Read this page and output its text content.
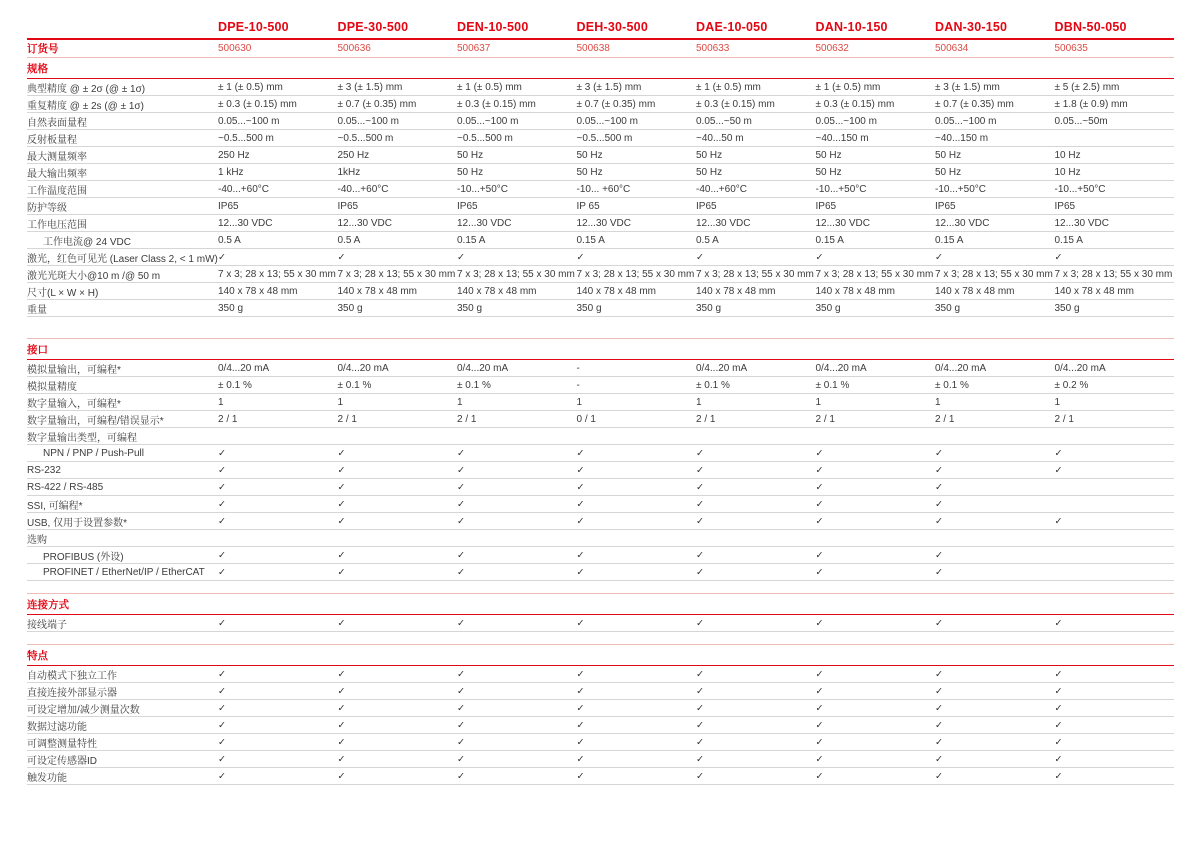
DPE-10-500	DPE-30-500	DEN-10-500	DEH-30-500	DAE-10-050	DAN-10-150	DAN-30-150	DBN-50-050
订货号	500630	500636	500637	500638	500633	500632	500634	500635
规格
典型精度 @ ± 2σ (@ ± 1σ)	± 1 (± 0.5) mm	± 3 (± 1.5) mm	± 1 (± 0.5) mm	± 3 (± 1.5) mm	± 1 (± 0.5) mm	± 1 (± 0.5) mm	± 3 (± 1.5) mm	± 5 (± 2.5) mm
重复精度 @ ± 2s (@ ± 1σ)	± 0.3 (± 0.15) mm	± 0.7 (± 0.35) mm	± 0.3 (± 0.15) mm	± 0.7 (± 0.35) mm	± 0.3 (± 0.15) mm	± 0.3 (± 0.15) mm	± 0.7 (± 0.35) mm	± 1.8 (± 0.9) mm
自然表面量程	0.05...~100 m	0.05...~100 m	0.05...~100 m	0.05...~100 m	0.05...~50 m	0.05...~100 m	0.05...~100 m	0.05...~50m
反射板量程	~0.5...500 m	~0.5...500 m	~0.5...500 m	~0.5...500 m	~40...50 m	~40...150 m	~40...150 m
最大测量频率	250 Hz	250 Hz	50 Hz	50 Hz	50 Hz	50 Hz	50 Hz	10 Hz
最大输出频率	1 kHz	1kHz	50 Hz	50 Hz	50 Hz	50 Hz	50 Hz	10 Hz
工作温度范围	-40...+60°C	-40...+60°C	-10...+50°C	-10... +60°C	-40...+60°C	-10...+50°C	-10...+50°C	-10...+50°C
防护等级	IP65	IP65	IP65	IP 65	IP65	IP65	IP65	IP65
工作电压范围	12...30 VDC	12...30 VDC	12...30 VDC	12...30 VDC	12...30 VDC	12...30 VDC	12...30 VDC	12...30 VDC
工作电流@ 24 VDC	0.5 A	0.5 A	0.15 A	0.15 A	0.5 A	0.15 A	0.15 A	0.15 A
激光，红色可见光 (Laser Class 2, < 1 mW) ✓	✓	✓	✓	✓	✓	✓	✓
激光光斑大小@10 m /@ 50 m	7 x 3; 28 x 13; 55 x 30 mm 7 x 3; 28 x 13; 55 x 30 mm 7 x 3; 28 x 13; 55 x 30 mm 7 x 3; 28 x 13; 55 x 30 mm 7 x 3; 28 x 13; 55 x 30 mm 7 x 3; 28 x 13; 55 x 30 mm 7 x 3; 28 x 13; 55 x 30 mm 7 x 3; 28 x 13; 55 x 30 mm
尺寸(L × W × H)	140 x 78 x 48 mm	140 x 78 x 48 mm	140 x 78 x 48 mm	140 x 78 x 48 mm	140 x 78 x 48 mm	140 x 78 x 48 mm	140 x 78 x 48 mm	140 x 78 x 48 mm
重量	350 g	350 g	350 g	350 g	350 g	350 g	350 g	350 g
接口
模拟量输出，可编程*	0/4...20 mA	0/4...20 mA	0/4...20 mA	-	0/4...20 mA	0/4...20 mA	0/4...20 mA	0/4...20 mA
模拟量精度	± 0.1 %	± 0.1 %	± 0.1 %	-	± 0.1 %	± 0.1 %	± 0.1 %	± 0.2 %
数字量输入，可编程*	1	1	1	1	1	1	1	1
数字量输出，可编程/错误显示*	2 / 1	2 / 1	2 / 1	0 / 1	2 / 1	2 / 1	2 / 1	2 / 1
数字量输出类型，可编程
NPN / PNP / Push-Pull	✓	✓	✓	✓	✓	✓	✓	✓
RS-232	✓	✓	✓	✓	✓	✓	✓	✓
RS-422 / RS-485	✓	✓	✓	✓	✓	✓	✓
SSI, 可编程*	✓	✓	✓	✓	✓	✓	✓
USB, 仅用于设置参数*	✓	✓	✓	✓	✓	✓	✓	✓
选购
PROFIBUS (外设)	✓	✓	✓	✓	✓	✓	✓
PROFINET / EtherNet/IP / EtherCAT	✓	✓	✓	✓	✓	✓	✓
连接方式
接线端子	✓	✓	✓	✓	✓	✓	✓	✓
特点
自动模式下独立工作	✓	✓	✓	✓	✓	✓	✓	✓
直接连接外部显示器	✓	✓	✓	✓	✓	✓	✓	✓
可设定增加/减少测量次数	✓	✓	✓	✓	✓	✓	✓	✓
数据过滤功能	✓	✓	✓	✓	✓	✓	✓	✓
可调整测量特性	✓	✓	✓	✓	✓	✓	✓	✓
可设定传感器ID	✓	✓	✓	✓	✓	✓	✓	✓
触发功能	✓	✓	✓	✓	✓	✓	✓	✓
